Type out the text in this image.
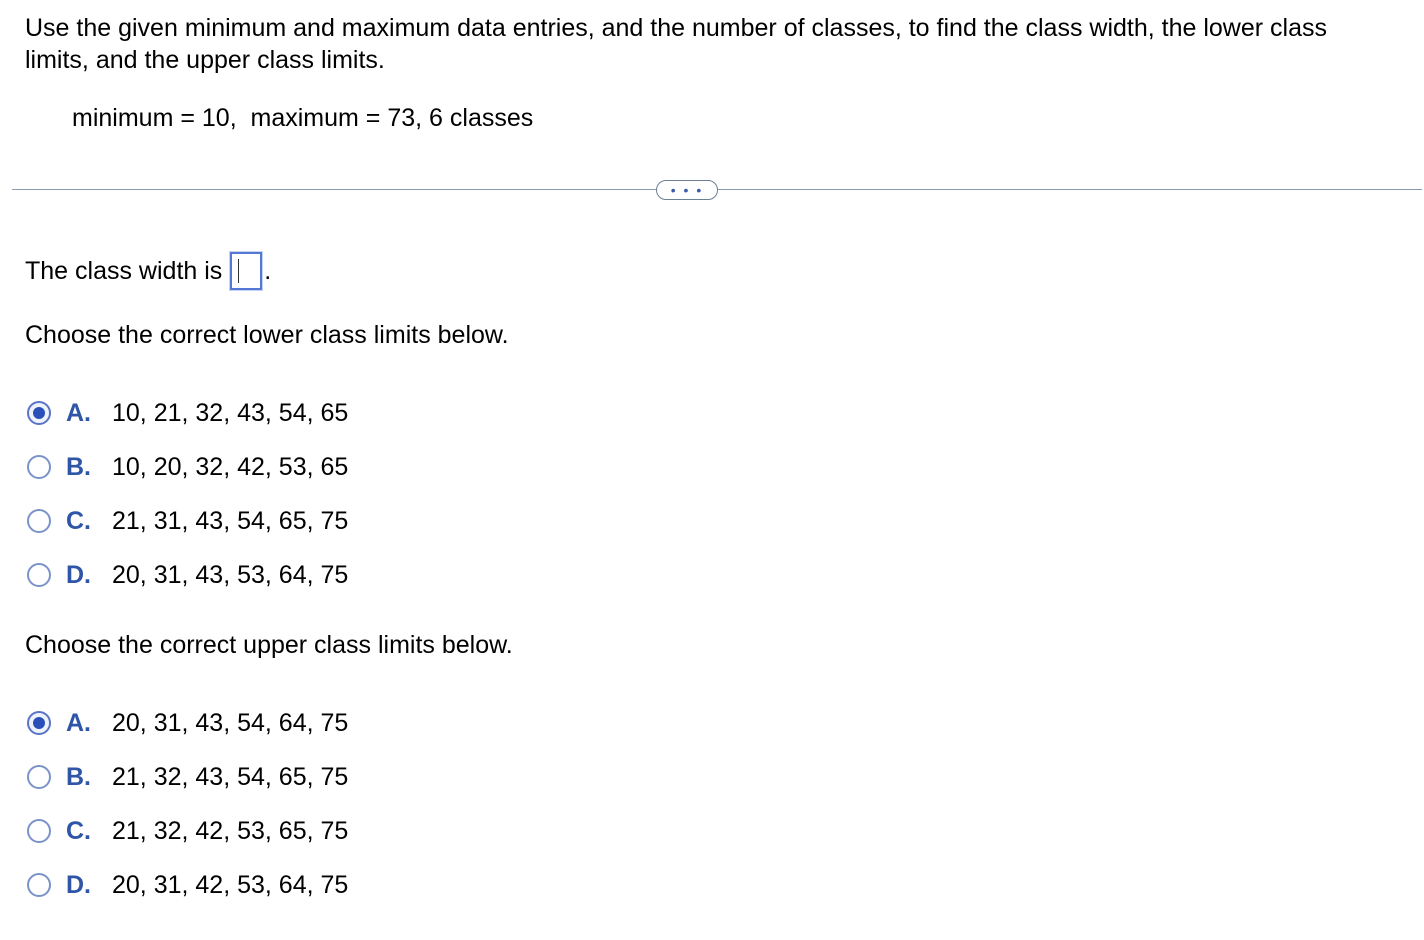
Use the given minimum and maximum data entries, and the number of classes, to find the class width, the lower class limits, and the upper class limits.
minimum = 10,  maximum = 73, 6 classes
• • •
The class width is .
Choose the correct lower class limits below.
A. 10, 21, 32, 43, 54, 65
B. 10, 20, 32, 42, 53, 65
C. 21, 31, 43, 54, 65, 75
D. 20, 31, 43, 53, 64, 75
Choose the correct upper class limits below.
A. 20, 31, 43, 54, 64, 75
B. 21, 32, 43, 54, 65, 75
C. 21, 32, 42, 53, 65, 75
D. 20, 31, 42, 53, 64, 75
